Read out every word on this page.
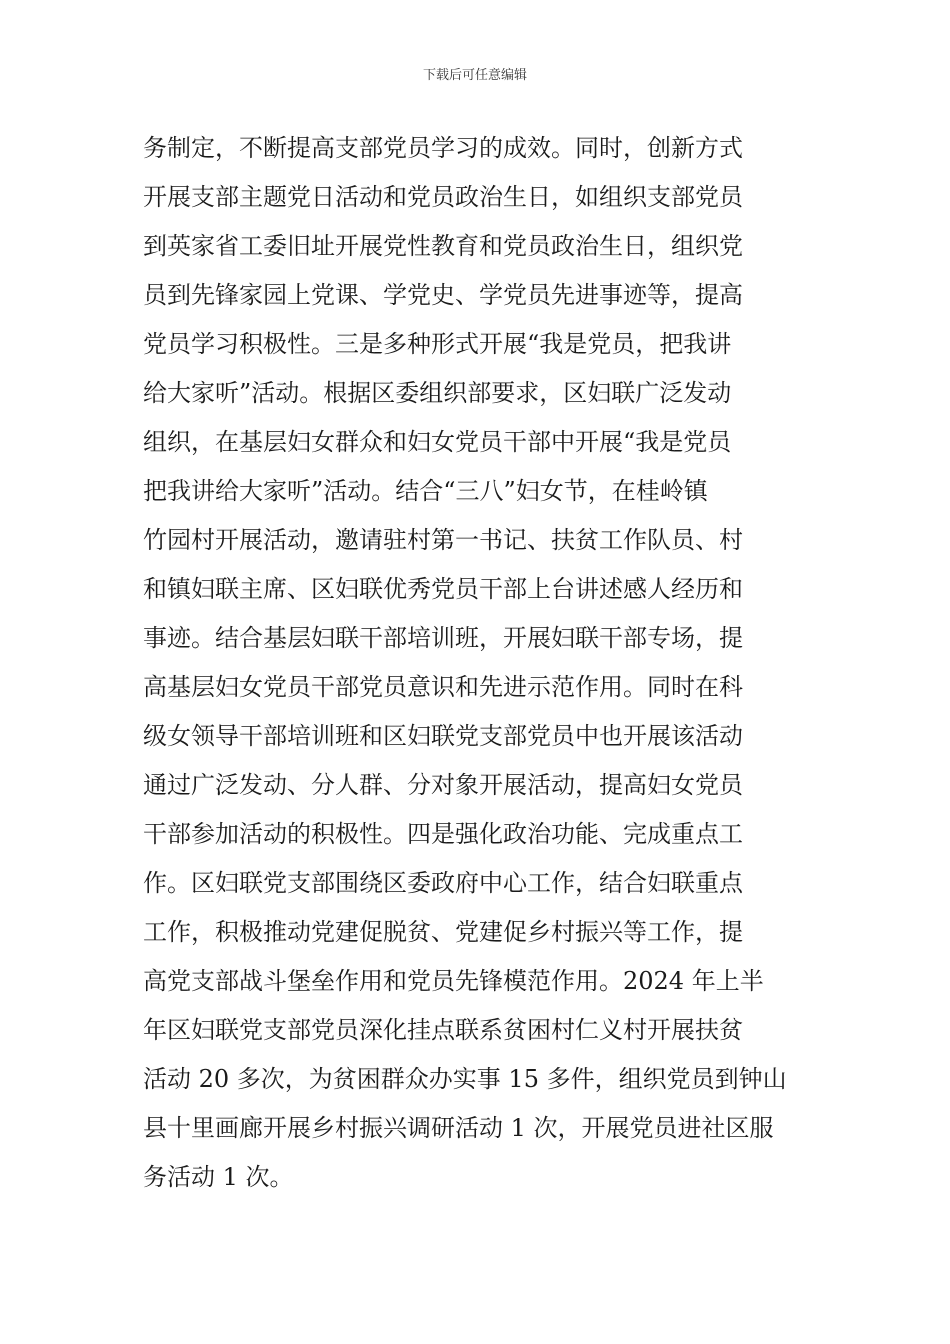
下载后可任意编辑
务制定，不断提高支部党员学习的成效。同时，创新方式
开展支部主题党日活动和党员政治生日，如组织支部党员
到英家省工委旧址开展党性教育和党员政治生日，组织党
员到先锋家园上党课、学党史、学党员先进事迹等，提高
党员学习积极性。三是多种形式开展“我是党员，把我讲
给大家听”活动。根据区委组织部要求，区妇联广泛发动
组织，在基层妇女群众和妇女党员干部中开展“我是党员
把我讲给大家听”活动。结合“三八”妇女节，在桂岭镇
竹园村开展活动，邀请驻村第一书记、扶贫工作队员、村
和镇妇联主席、区妇联优秀党员干部上台讲述感人经历和
事迹。结合基层妇联干部培训班，开展妇联干部专场，提
高基层妇女党员干部党员意识和先进示范作用。同时在科
级女领导干部培训班和区妇联党支部党员中也开展该活动
通过广泛发动、分人群、分对象开展活动，提高妇女党员
干部参加活动的积极性。四是强化政治功能、完成重点工
作。区妇联党支部围绕区委政府中心工作，结合妇联重点
工作，积极推动党建促脱贫、党建促乡村振兴等工作，提
高党支部战斗堡垒作用和党员先锋模范作用。2024 年上半
年区妇联党支部党员深化挂点联系贫困村仁义村开展扶贫
活动 20 多次，为贫困群众办实事 15 多件，组织党员到钟山
县十里画廊开展乡村振兴调研活动 1 次，开展党员进社区服
务活动 1 次。
